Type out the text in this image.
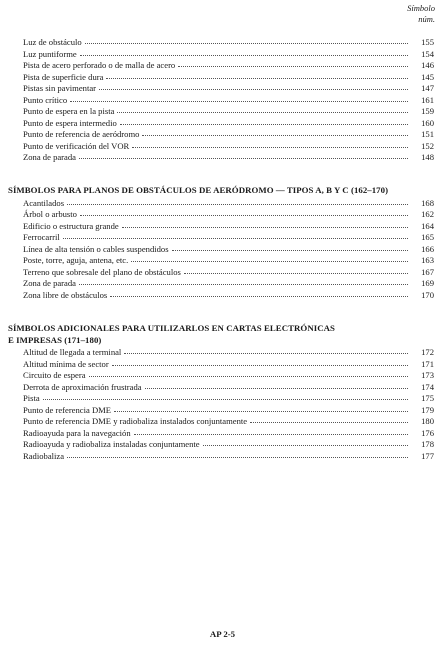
Símbolo
núm.
Luz de obstáculo	155
Luz puntiforme	154
Pista de acero perforado o de malla de acero	146
Pista de superficie dura	145
Pistas sin pavimentar	147
Punto crítico	161
Punto de espera en la pista	159
Punto de espera intermedio	160
Punto de referencia de aeródromo	151
Punto de verificación del VOR	152
Zona de parada	148
SÍMBOLOS PARA PLANOS DE OBSTÁCULOS DE AERÓDROMO — TIPOS A, B Y C (162–170)
Acantilados	168
Árbol o arbusto	162
Edificio o estructura grande	164
Ferrocarril	165
Línea de alta tensión o cables suspendidos	166
Poste, torre, aguja, antena, etc.	163
Terreno que sobresale del plano de obstáculos	167
Zona de parada	169
Zona libre de obstáculos	170
SÍMBOLOS ADICIONALES PARA UTILIZARLOS EN CARTAS ELECTRÓNICAS
E IMPRESAS (171–180)
Altitud de llegada a terminal	172
Altitud mínima de sector	171
Circuito de espera	173
Derrota de aproximación frustrada	174
Pista	175
Punto de referencia DME	179
Punto de referencia DME y radiobaliza instalados conjuntamente	180
Radioayuda para la navegación	176
Radioayuda y radiobaliza instaladas conjuntamente	178
Radiobaliza	177
AP 2-5
